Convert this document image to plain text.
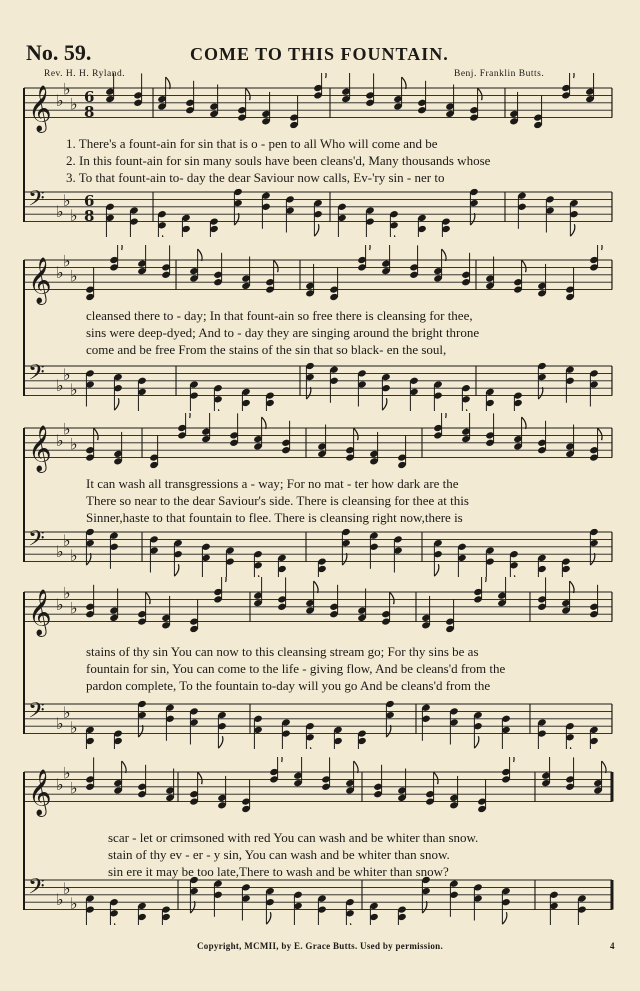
No. 59.	COME TO THIS FOUNTAIN.
Rev. H. H. Ryland.	Benj. Franklin Butts.
𝄞 ♭
♭
♭ 6
8
𝄢 ♭
♭
♭
6
8
1. There's a fount-ain for sin that is o - pen to all Who will come and be
2. In this fount-ain for sin many souls have been cleans'd, Many thousands whose
3. To that fount-ain to- day the dear Saviour now calls, Ev-'ry sin - ner to
𝄞 ♭
♭
♭
𝄢 ♭
♭
♭
cleansed there to - day; In that fount-ain so free there is cleansing for thee,
sins were deep-dyed; And to - day they are singing around the bright throne
come and be free From the stains of the sin that so black- en the soul,
𝄞 ♭
♭
♭
𝄢 ♭
♭
♭
It can wash all transgressions a - way; For no mat - ter how dark are the
There so near to the dear Saviour's side. There is cleansing for thee at this
Sinner,haste to that fountain to flee. There is cleansing right now,there is
𝄞 ♭
♭
♭
𝄢 ♭
♭
♭
stains of thy sin You can now to this cleansing stream go; For thy sins be as
fountain for sin, You can come to the life - giving flow, And be cleans'd from the
pardon complete, To the fountain to-day will you go And be cleans'd from the
𝄞 ♭
♭
♭
𝄢 ♭
♭
♭
scar - let or crimsoned with red You can wash and be whiter than snow.
stain of thy ev - er - y sin, You can wash and be whiter than snow.
sin ere it may be too late,There to wash and be whiter than snow?
Copyright, MCMII, by E. Grace Butts. Used by permission.	4
